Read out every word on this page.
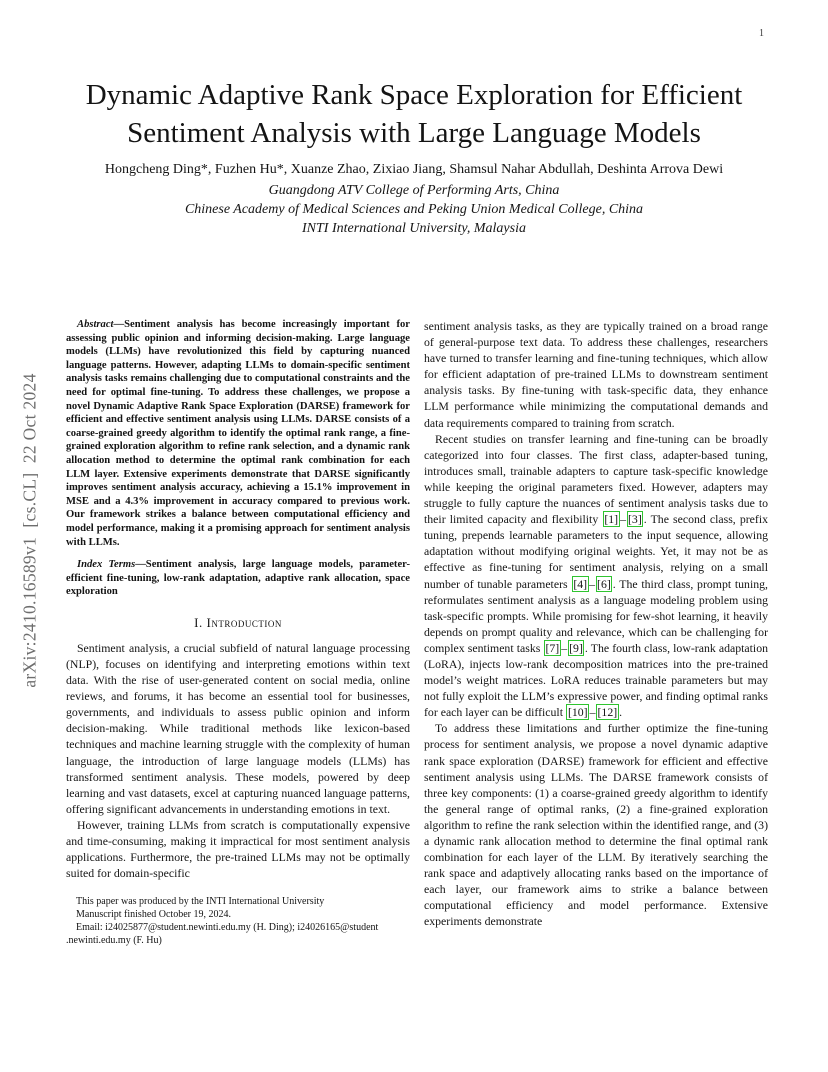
1
arXiv:2410.16589v1  [cs.CL]  22 Oct 2024
Dynamic Adaptive Rank Space Exploration for Efficient Sentiment Analysis with Large Language Models
Hongcheng Ding*, Fuzhen Hu*, Xuanze Zhao, Zixiao Jiang, Shamsul Nahar Abdullah, Deshinta Arrova Dewi
Guangdong ATV College of Performing Arts, China
Chinese Academy of Medical Sciences and Peking Union Medical College, China
INTI International University, Malaysia

Abstract—Sentiment analysis has become increasingly important for assessing public opinion and informing decision-making. Large language models (LLMs) have revolutionized this field by capturing nuanced language patterns. However, adapting LLMs to domain-specific sentiment analysis tasks remains challenging due to computational constraints and the need for optimal fine-tuning. To address these challenges, we propose a novel Dynamic Adaptive Rank Space Exploration (DARSE) framework for efficient and effective sentiment analysis using LLMs. DARSE consists of a coarse-grained greedy algorithm to identify the optimal rank range, a fine-grained exploration algorithm to refine rank selection, and a dynamic rank allocation method to determine the optimal rank combination for each LLM layer. Extensive experiments demonstrate that DARSE significantly improves sentiment analysis accuracy, achieving a 15.1% improvement in MSE and a 4.3% improvement in accuracy compared to previous work. Our framework strikes a balance between computational efficiency and model performance, making it a promising approach for sentiment analysis with LLMs.

Index Terms—Sentiment analysis, large language models, parameter-efficient fine-tuning, low-rank adaptation, adaptive rank allocation, space exploration

I. Introduction

Sentiment analysis, a crucial subfield of natural language processing (NLP), focuses on identifying and interpreting emotions within text data. With the rise of user-generated content on social media, online reviews, and forums, it has become an essential tool for businesses, governments, and individuals to assess public opinion and inform decision-making. While traditional methods like lexicon-based techniques and machine learning struggle with the complexity of human language, the introduction of large language models (LLMs) has transformed sentiment analysis. These models, powered by deep learning and vast datasets, excel at capturing nuanced language patterns, offering significant advancements in understanding emotions in text.

However, training LLMs from scratch is computationally expensive and time-consuming, making it impractical for most sentiment analysis applications. Furthermore, the pre-trained LLMs may not be optimally suited for domain-specific

This paper was produced by the INTI International University
Manuscript finished October 19, 2024.
Email: i24025877@student.newinti.edu.my (H. Ding); i24026165@student
.newinti.edu.my (F. Hu)

sentiment analysis tasks, as they are typically trained on a broad range of general-purpose text data. To address these challenges, researchers have turned to transfer learning and fine-tuning techniques, which allow for efficient adaptation of pre-trained LLMs to downstream sentiment analysis tasks. By fine-tuning with task-specific data, they enhance LLM performance while minimizing the computational demands and data requirements compared to training from scratch.

Recent studies on transfer learning and fine-tuning can be broadly categorized into four classes. The first class, adapter-based tuning, introduces small, trainable adapters to capture task-specific knowledge while keeping the original parameters fixed. However, adapters may struggle to fully capture the nuances of sentiment analysis tasks due to their limited capacity and flexibility [1] – [3] . The second class, prefix tuning, prepends learnable parameters to the input sequence, allowing adaptation without modifying original weights. Yet, it may not be as effective as fine-tuning for sentiment analysis, relying on a small number of tunable parameters [4] – [6] . The third class, prompt tuning, reformulates sentiment analysis as a language modeling problem using task-specific prompts. While promising for few-shot learning, it heavily depends on prompt quality and relevance, which can be challenging for complex sentiment tasks [7] – [9] . The fourth class, low-rank adaptation (LoRA), injects low-rank decomposition matrices into the pre-trained model’s weight matrices. LoRA reduces trainable parameters but may not fully exploit the LLM’s expressive power, and finding optimal ranks for each layer can be difficult [10] – [12] .

To address these limitations and further optimize the fine-tuning process for sentiment analysis, we propose a novel dynamic adaptive rank space exploration (DARSE) framework for efficient and effective sentiment analysis using LLMs. The DARSE framework consists of three key components: (1) a coarse-grained greedy algorithm to identify the general range of optimal ranks, (2) a fine-grained exploration algorithm to refine the rank selection within the identified range, and (3) a dynamic rank allocation method to determine the final optimal rank combination for each layer of the LLM. By iteratively searching the rank space and adaptively allocating ranks based on the importance of each layer, our framework aims to strike a balance between computational efficiency and model performance. Extensive experiments demonstrate
